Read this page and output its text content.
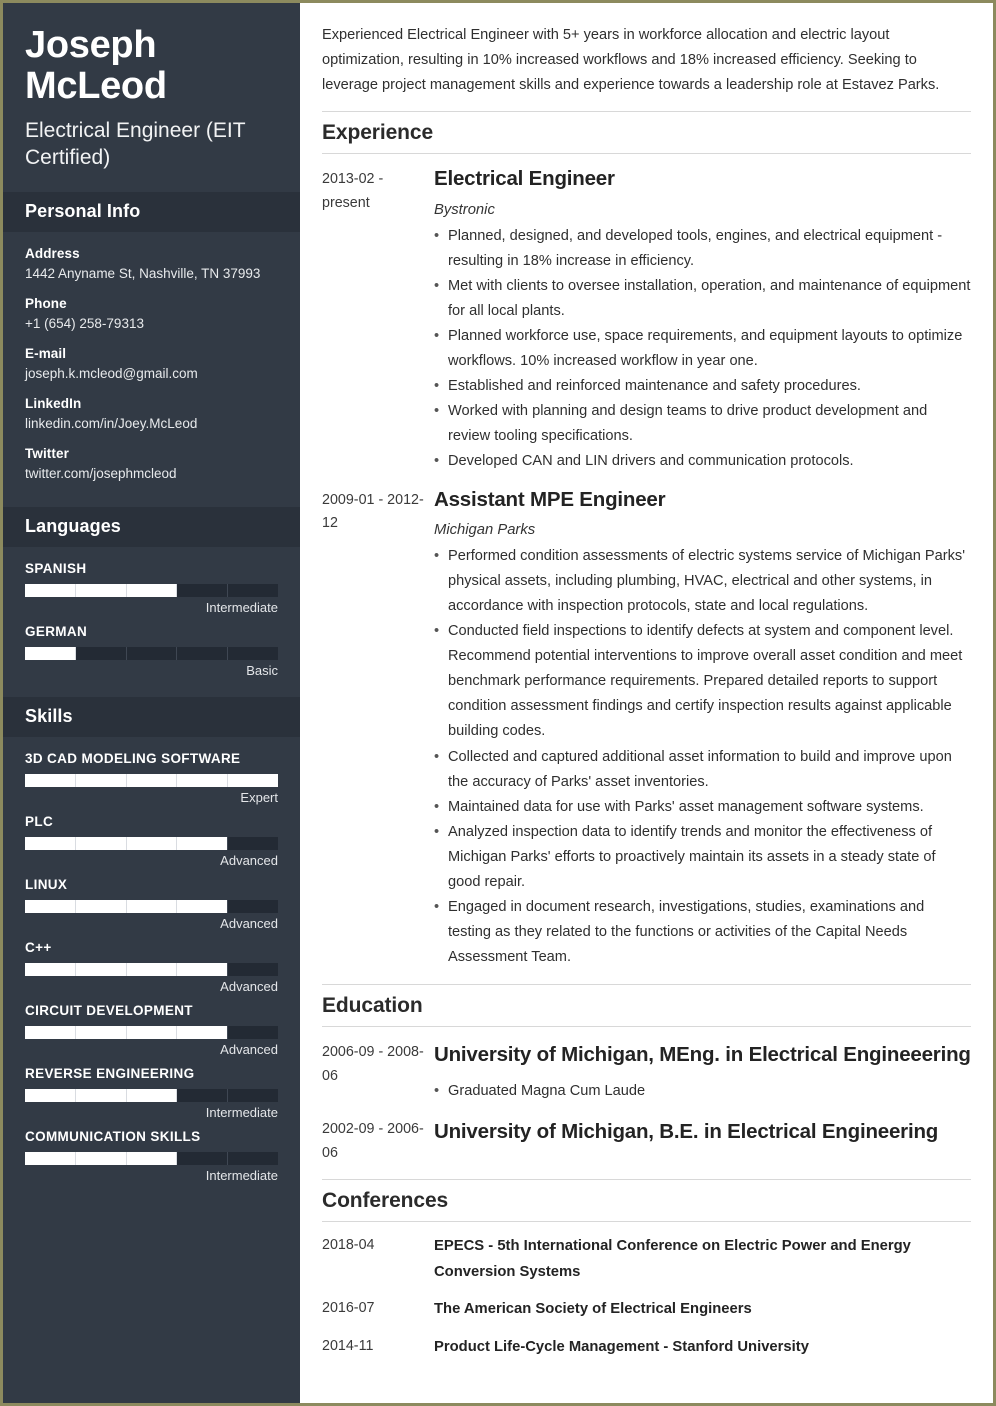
Joseph McLeod
Electrical Engineer (EIT Certified)
Personal Info
Address
1442 Anyname St, Nashville, TN 37993
Phone
+1 (654) 258-79313
E-mail
joseph.k.mcleod@gmail.com
LinkedIn
linkedin.com/in/Joey.McLeod
Twitter
twitter.com/josephmcleod
Languages
SPANISH
Intermediate
GERMAN
Basic
Skills
3D CAD MODELING SOFTWARE
Expert
PLC
Advanced
LINUX
Advanced
C++
Advanced
CIRCUIT DEVELOPMENT
Advanced
REVERSE ENGINEERING
Intermediate
COMMUNICATION SKILLS
Intermediate
Experienced Electrical Engineer with 5+ years in workforce allocation and electric layout optimization, resulting in 10% increased workflows and 18% increased efficiency. Seeking to leverage project management skills and experience towards a leadership role at Estavez Parks.
Experience
2013-02 - present
Electrical Engineer
Bystronic
• Planned, designed, and developed tools, engines, and electrical equipment - resulting in 18% increase in efficiency.
• Met with clients to oversee installation, operation, and maintenance of equipment for all local plants.
• Planned workforce use, space requirements, and equipment layouts to optimize workflows. 10% increased workflow in year one.
• Established and reinforced maintenance and safety procedures.
• Worked with planning and design teams to drive product development and review tooling specifications.
• Developed CAN and LIN drivers and communication protocols.
2009-01 - 2012-12
Assistant MPE Engineer
Michigan Parks
• Performed condition assessments of electric systems service of Michigan Parks' physical assets, including plumbing, HVAC, electrical and other systems, in accordance with inspection protocols, state and local regulations.
• Conducted field inspections to identify defects at system and component level. Recommend potential interventions to improve overall asset condition and meet benchmark performance requirements. Prepared detailed reports to support condition assessment findings and certify inspection results against applicable building codes.
• Collected and captured additional asset information to build and improve upon the accuracy of Parks' asset inventories.
• Maintained data for use with Parks' asset management software systems.
• Analyzed inspection data to identify trends and monitor the effectiveness of Michigan Parks' efforts to proactively maintain its assets in a steady state of good repair.
• Engaged in document research, investigations, studies, examinations and testing as they related to the functions or activities of the Capital Needs Assessment Team.
Education
2006-09 - 2008-06
University of Michigan, MEng. in Electrical Engineeering
• Graduated Magna Cum Laude
2002-09 - 2006-06
University of Michigan, B.E. in Electrical Engineering
Conferences
2018-04	EPECS - 5th International Conference on Electric Power and Energy Conversion Systems
2016-07	The American Society of Electrical Engineers
2014-11	Product Life-Cycle Management - Stanford University
